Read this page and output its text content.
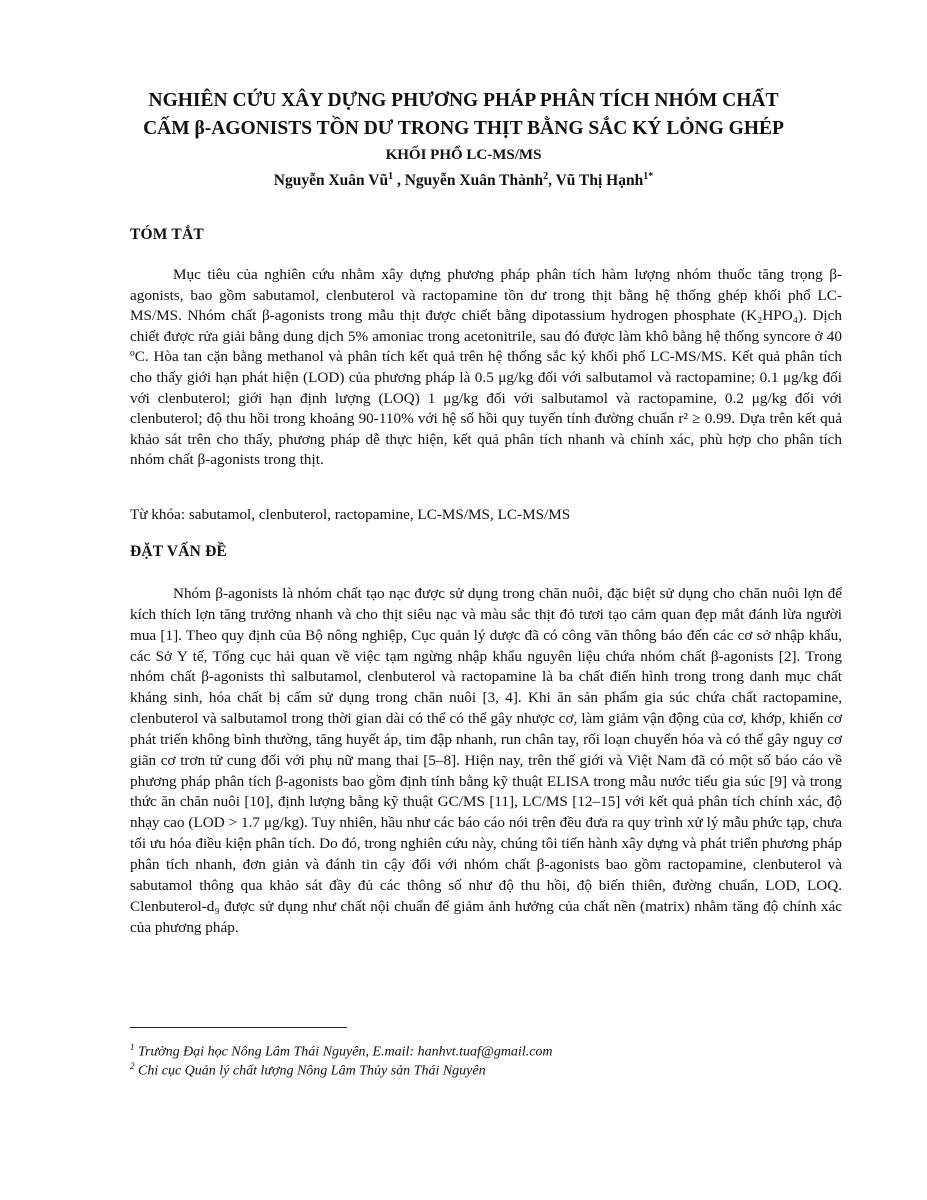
NGHIÊN CỨU XÂY DỰNG PHƯƠNG PHÁP PHÂN TÍCH NHÓM CHẤT
CẤM β-AGONISTS TỒN DƯ TRONG THỊT BẰNG SẮC KÝ LỎNG GHÉP
KHỐI PHỔ LC-MS/MS

Nguyễn Xuân $Vũ^1$ , Nguyễn Xuân Thành$^2$, Vũ Thị Hạnh$^{1*}$

TÓM TẮT

Mục tiêu của nghiên cứu nhằm xây dựng phương pháp phân tích hàm lượng nhóm thuốc tăng trọng β-agonists, bao gồm sabutamol, clenbuterol và ractopamine tồn dư trong thịt bằng hệ thống ghép khối phổ LC-MS/MS. Nhóm chất β-agonists trong mẫu thịt được chiết bằng dipotassium hydrogen phosphate (K₂HPO₄). Dịch chiết được rửa giải bằng dung dịch 5% amoniac trong acetonitrile, sau đó được làm khô bằng hệ thống syncore ở 40 ºC. Hòa tan cặn bằng methanol và phân tích kết quả trên hệ thống sắc ký khối phổ LC-MS/MS. Kết quả phân tích cho thấy giới hạn phát hiện (LOD) của phương pháp là 0.5 μg/kg đối với salbutamol và ractopamine; 0.1 μg/kg đối với clenbuterol; giới hạn định lượng (LOQ) 1 μg/kg đối với salbutamol và ractopamine, 0.2 μg/kg đối với clenbuterol; độ thu hồi trong khoảng 90-110% với hệ số hồi quy tuyến tính đường chuẩn r² ≥ 0.99. Dựa trên kết quả khảo sát trên cho thấy, phương pháp dễ thực hiện, kết quả phân tích nhanh và chính xác, phù hợp cho phân tích nhóm chất β-agonists trong thịt.

Từ khóa: sabutamol, clenbuterol, ractopamine, LC-MS/MS, LC-MS/MS

ĐẶT VẤN ĐỀ

Nhóm β-agonists là nhóm chất tạo nạc được sử dụng trong chăn nuôi, đặc biệt sử dụng cho chăn nuôi lợn để kích thích lợn tăng trưởng nhanh và cho thịt siêu nạc và màu sắc thịt đỏ tươi tạo cảm quan đẹp mắt đánh lừa người mua [1]. Theo quy định của Bộ nông nghiệp, Cục quản lý dược đã có công văn thông báo đến các cơ sở nhập khẩu, các Sở Y tế, Tổng cục hải quan về việc tạm ngừng nhập khẩu nguyên liệu chứa nhóm chất β-agonists [2]. Trong nhóm chất β-agonists thì salbutamol, clenbuterol và ractopamine là ba chất điển hình trong trong danh mục chất kháng sinh, hóa chất bị cấm sử dụng trong chăn nuôi [3, 4]. Khi ăn sản phẩm gia súc chứa chất ractopamine, clenbuterol và salbutamol trong thời gian dài có thể có thể gây nhược cơ, làm giảm vận động của cơ, khớp, khiến cơ phát triển không bình thường, tăng huyết áp, tim đập nhanh, run chân tay, rối loạn chuyển hóa và có thể gây nguy cơ giãn cơ trơn tử cung đối với phụ nữ mang thai [5–8]. Hiện nay, trên thế giới và Việt Nam đã có một số báo cáo về phương pháp phân tích β-agonists bao gồm định tính bằng kỹ thuật ELISA trong mẫu nước tiểu gia súc [9] và trong thức ăn chăn nuôi [10], định lượng bằng kỹ thuật GC/MS [11], LC/MS [12–15] với kết quả phân tích chính xác, độ nhạy cao (LOD > 1.7 μg/kg). Tuy nhiên, hầu như các báo cáo nói trên đều đưa ra quy trình xử lý mẫu phức tạp, chưa tối ưu hóa điều kiện phân tích. Do đó, trong nghiên cứu này, chúng tôi tiến hành xây dựng và phát triển phương pháp phân tích nhanh, đơn giản và đánh tin cậy đối với nhóm chất β-agonists bao gồm ractopamine, clenbuterol và sabutamol thông qua khảo sát đầy đủ các thông số như độ thu hồi, độ biến thiên, đường chuẩn, LOD, LOQ. Clenbuterol-d₉ được sử dụng như chất nội chuẩn để giảm ảnh hưởng của chất nền (matrix) nhằm tăng độ chính xác của phương pháp.

$^1$ Trường Đại học Nông Lâm Thái Nguyên, E.mail: hanhvt.tuaf@gmail.com

$^2$ Chi cục Quản lý chất lượng Nông Lâm Thủy sản Thái Nguyên
